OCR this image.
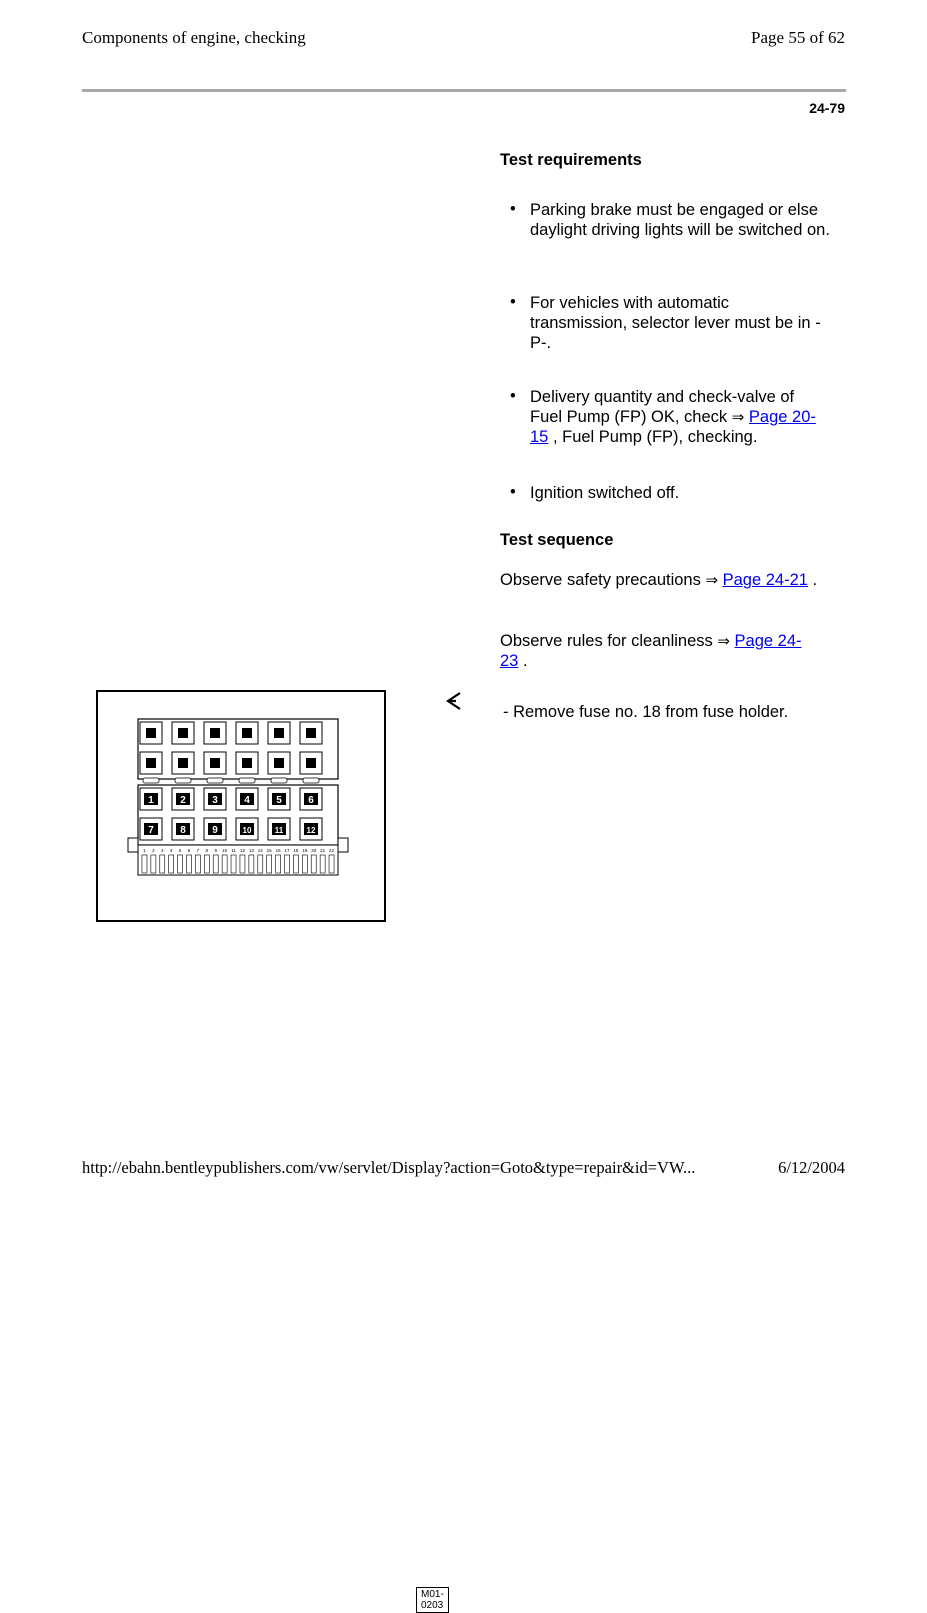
Components of engine, checking	Page 55 of 62
24-79
Test requirements
• Parking brake must be engaged or else daylight driving lights will be switched on.
• For vehicles with automatic transmission, selector lever must be in -P-.
• Delivery quantity and check-valve of Fuel Pump (FP) OK, check ⇒ Page 20-15 , Fuel Pump (FP), checking.
• Ignition switched off.
Test sequence
Observe safety precautions ⇒ Page 24-21 .
Observe rules for cleanliness ⇒ Page 24-23 .
- Remove fuse no. 18 from fuse holder.
1	2	3	4	5	6
7	8	9	10	11	12
1 2 3 4 5 6 7 8 9 10 11 12 13 14 15 16 17 18 19 20 21 22
M01-0203
http://ebahn.bentleypublishers.com/vw/servlet/Display?action=Goto&type=repair&id=VW...	6/12/2004
